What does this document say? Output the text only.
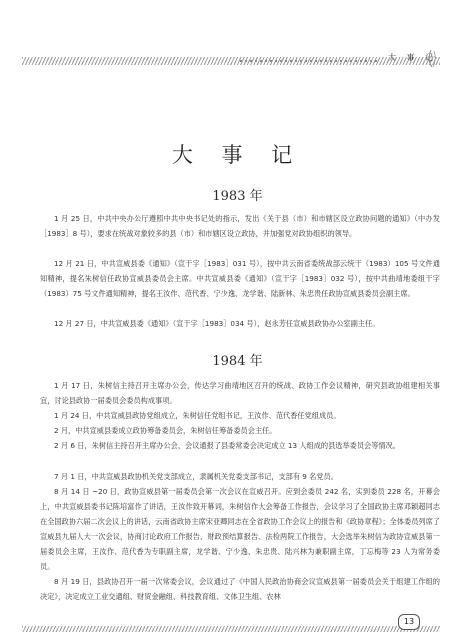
大 事 记
大 事 记
1983 年

1 月 25 日，中共中央办公厅遵照中共中央书记处的指示，发出《关于县（市）和市辖区设立政协问题的通知》（中办发［1983］8 号），要求在统战对象较多的县（市）和市辖区设立政协，并加强党对政协组织的领导。

12 月 21 日，中共宣威县委《通知》（宣干字［1983］031 号），按中共云南省委统战部云统干（1983）105 号文件通知精神，提名朱树信任政协宣威县委员会主席。中共宣威县委《通知》（宣干字［1983］032 号），按中共曲靖地委组干字（1983）75 号文件通知精神，提名王汝作、范代香、宁少逸、龙学谐、陆新林、朱忠贵任政协宣威县委员会副主席。

12 月 27 日，中共宣威县委《通知》（宣干字［1983］034 号），赵永芳任宣威县政协办公室副主任。

1984 年

1 月 17 日，朱树信主持召开主席办公会，传达学习曲靖地区召开的统战、政协工作会议精神，研究县政协组建相关事宜，讨论县政协一届委员会委员构成事项。

1 月 24 日，中共宣威县政协党组成立，朱树信任党组书记，王汝作、范代香任党组成员。

2 月，中共宣威县委成立政协筹备委员会，朱树信任筹备委员会主任。

2 月 6 日，朱树信主持召开主席办公会，会议通报了县委常委会决定成立 13 人组成的县选举委员会等情况。

7 月 1 日，中共宣威县政协机关党支部成立，隶属机关党委支部书记，支部有 9 名党员。

8 月 14 日 ~20 日，政协宣威县第一届委员会第一次会议在宣威召开。应到会委员 242 名，实到委员 228 名，开幕会上，中共宣威县委书记陈培富作了讲话，王汝作致开幕词，朱树信作大会筹备工作报告，会议学习了全国政协主席邓颖超同志在全国政协六届二次会议上的讲话，云南省政协主席宋亚卿同志在全省政协工作会议上的报告和《政协章程》；全体委员列席了宣威县九届人大一次会议，协商讨论政府工作报告、财政预结算报告、法检两院工作报告，大会选举朱树信为政协宣威县第一届委员会主席，王汝作、范代香为专职副主席，龙学谐、宁少逸、朱忠贵、陆兴林为兼职副主席，丁忘梅等 23 人为常务委员。

8 月 19 日，县政协召开一届一次常委会议，会议通过了《中国人民政治协商会议宣威县第一届委员会关于组建工作组的决定》，决定成立工业交通组、财贸金融组、科技教育组、文体卫生组、农林

13
